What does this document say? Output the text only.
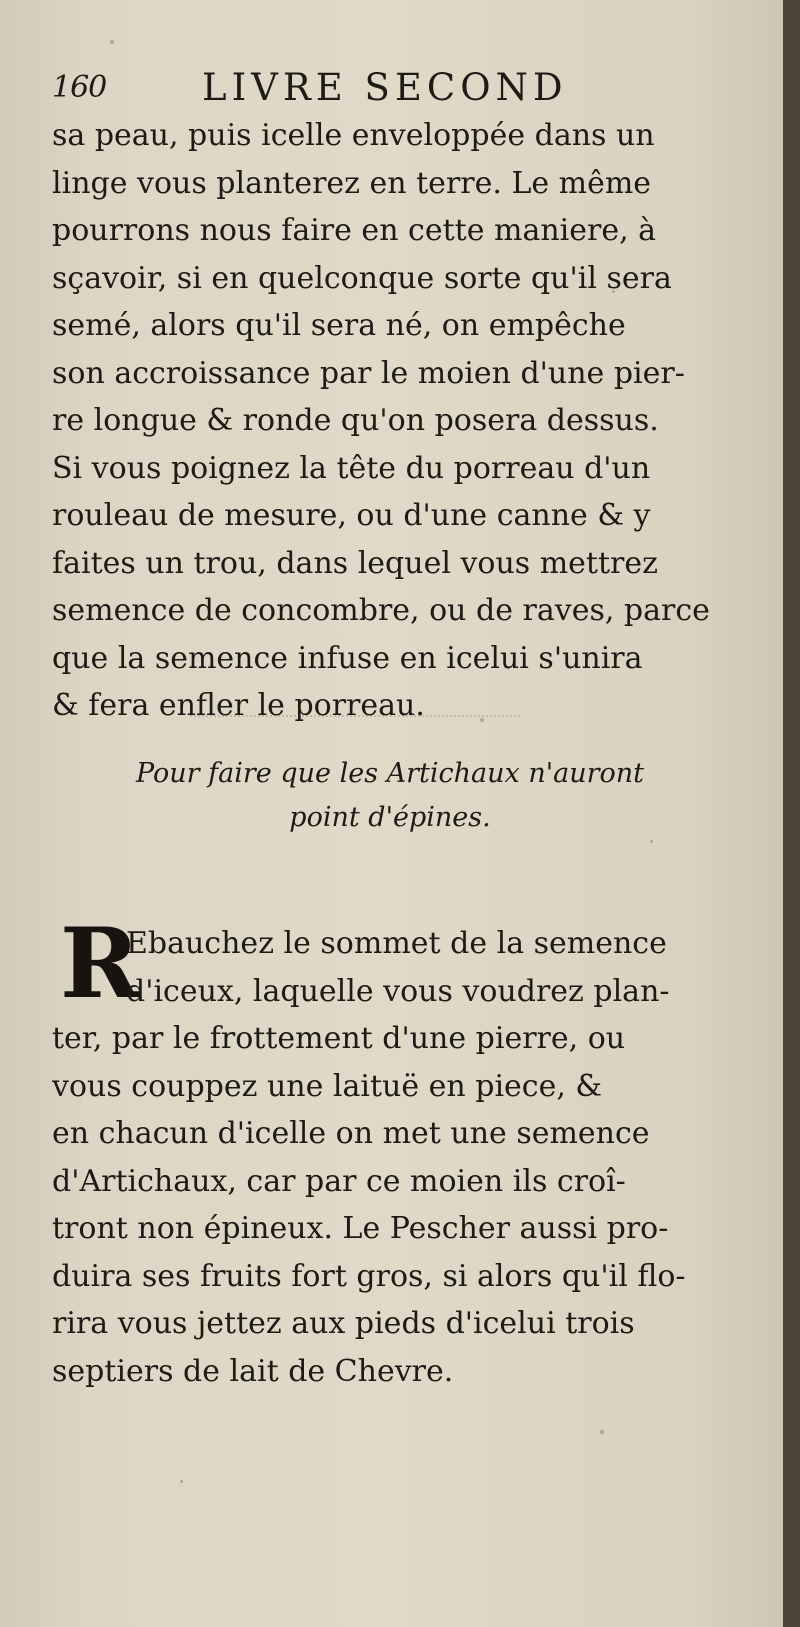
160	LIVRE SECOND
sa peau, puis icelle enveloppée dans un
linge vous planterez en terre. Le même
pourrons nous faire en cette maniere, à
sçavoir, si en quelconque sorte qu'il sera
semé, alors qu'il sera né, on empêche
son accroissance par le moien d'une pier-
re longue & ronde qu'on posera dessus.
Si vous poignez la tête du porreau d'un
rouleau de mesure, ou d'une canne & y
faites un trou, dans lequel vous mettrez
semence de concombre, ou de raves, parce
que la semence infuse en icelui s'unira
& fera enfler le porreau.
Pour faire que les Artichaux n'auront
point d'épines.
R
Ebauchez le sommet de la semence
d'iceux, laquelle vous voudrez plan-
ter, par le frottement d'une pierre, ou
vous couppez une laituë en piece, &
en chacun d'icelle on met une semence
d'Artichaux, car par ce moien ils croî-
tront non épineux. Le Pescher aussi pro-
duira ses fruits fort gros, si alors qu'il flo-
rira vous jettez aux pieds d'icelui trois
septiers de lait de Chevre.
